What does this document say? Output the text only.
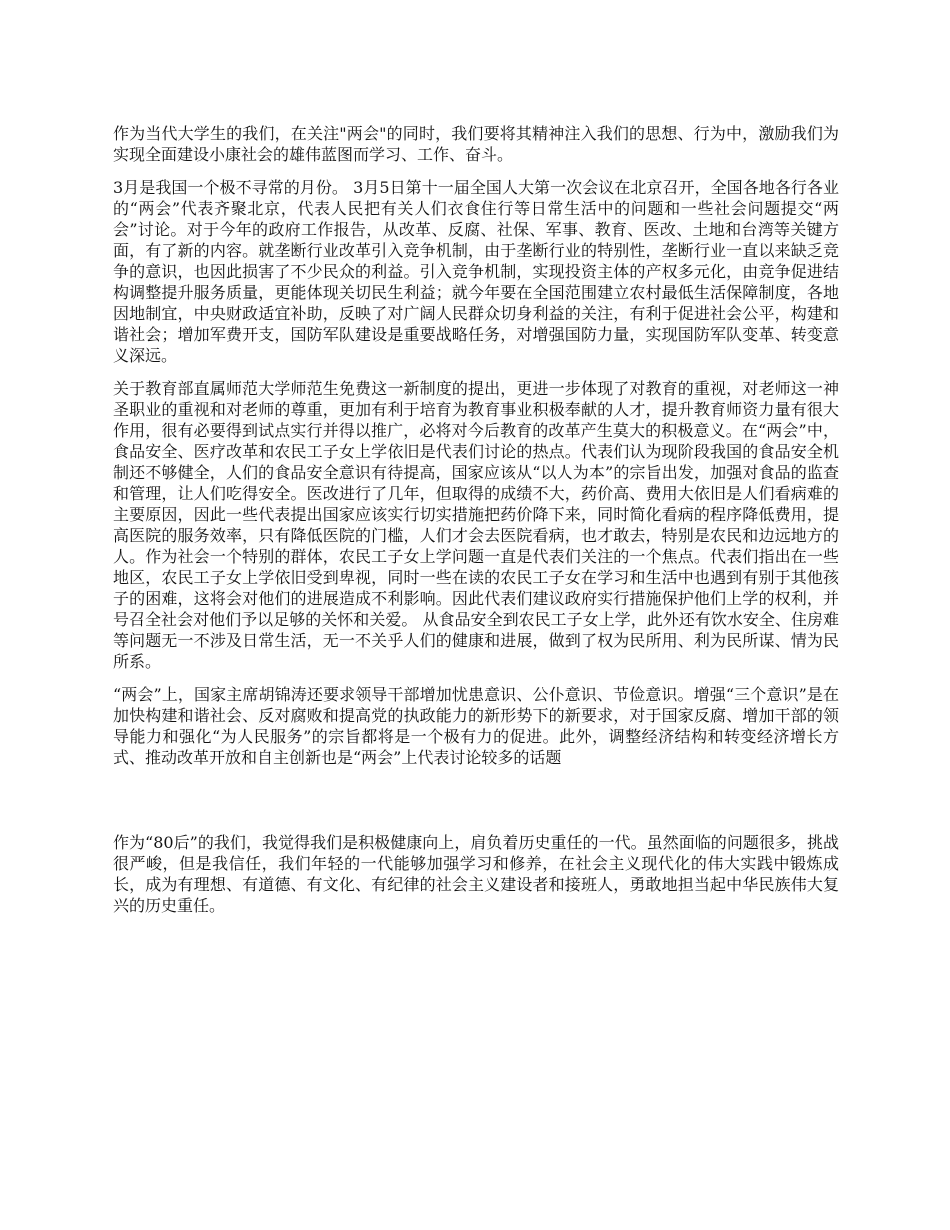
作为当代大学生的我们，在关注"两会"的同时，我们要将其精神注入我们的思想、行为中，激励我们为实现全面建设小康社会的雄伟蓝图而学习、工作、奋斗。

3月是我国一个极不寻常的月份。 3月5日第十一届全国人大第一次会议在北京召开，全国各地各行各业的“两会”代表齐聚北京，代表人民把有关人们衣食住行等日常生活中的问题和一些社会问题提交“两会”讨论。对于今年的政府工作报告，从改革、反腐、社保、军事、教育、医改、土地和台湾等关键方面，有了新的内容。就垄断行业改革引入竞争机制，由于垄断行业的特别性，垄断行业一直以来缺乏竞争的意识，也因此损害了不少民众的利益。引入竞争机制，实现投资主体的产权多元化，由竞争促进结构调整提升服务质量，更能体现关切民生利益；就今年要在全国范围建立农村最低生活保障制度，各地因地制宜，中央财政适宜补助，反映了对广阔人民群众切身利益的关注，有利于促进社会公平，构建和谐社会；增加军费开支，国防军队建设是重要战略任务，对增强国防力量，实现国防军队变革、转变意义深远。

关于教育部直属师范大学师范生免费这一新制度的提出，更进一步体现了对教育的重视，对老师这一神圣职业的重视和对老师的尊重，更加有利于培育为教育事业积极奉献的人才，提升教育师资力量有很大作用，很有必要得到试点实行并得以推广，必将对今后教育的改革产生莫大的积极意义。在“两会”中，食品安全、医疗改革和农民工子女上学依旧是代表们讨论的热点。代表们认为现阶段我国的食品安全机制还不够健全，人们的食品安全意识有待提高，国家应该从“以人为本”的宗旨出发，加强对食品的监查和管理，让人们吃得安全。医改进行了几年，但取得的成绩不大，药价高、费用大依旧是人们看病难的主要原因，因此一些代表提出国家应该实行切实措施把药价降下来，同时简化看病的程序降低费用，提高医院的服务效率，只有降低医院的门槛，人们才会去医院看病，也才敢去，特别是农民和边远地方的人。作为社会一个特别的群体，农民工子女上学问题一直是代表们关注的一个焦点。代表们指出在一些地区，农民工子女上学依旧受到卑视，同时一些在读的农民工子女在学习和生活中也遇到有别于其他孩子的困难，这将会对他们的进展造成不利影响。因此代表们建议政府实行措施保护他们上学的权利，并号召全社会对他们予以足够的关怀和关爱。 从食品安全到农民工子女上学，此外还有饮水安全、住房难等问题无一不涉及日常生活，无一不关乎人们的健康和进展，做到了权为民所用、利为民所谋、情为民所系。

“两会”上，国家主席胡锦涛还要求领导干部增加忧患意识、公仆意识、节俭意识。增强“三个意识”是在加快构建和谐社会、反对腐败和提高党的执政能力的新形势下的新要求，对于国家反腐、增加干部的领导能力和强化“为人民服务”的宗旨都将是一个极有力的促进。此外，调整经济结构和转变经济增长方式、推动改革开放和自主创新也是“两会”上代表讨论较多的话题

作为“80后”的我们，我觉得我们是积极健康向上，肩负着历史重任的一代。虽然面临的问题很多，挑战很严峻，但是我信任，我们年轻的一代能够加强学习和修养，在社会主义现代化的伟大实践中锻炼成长，成为有理想、有道德、有文化、有纪律的社会主义建设者和接班人，勇敢地担当起中华民族伟大复兴的历史重任。
